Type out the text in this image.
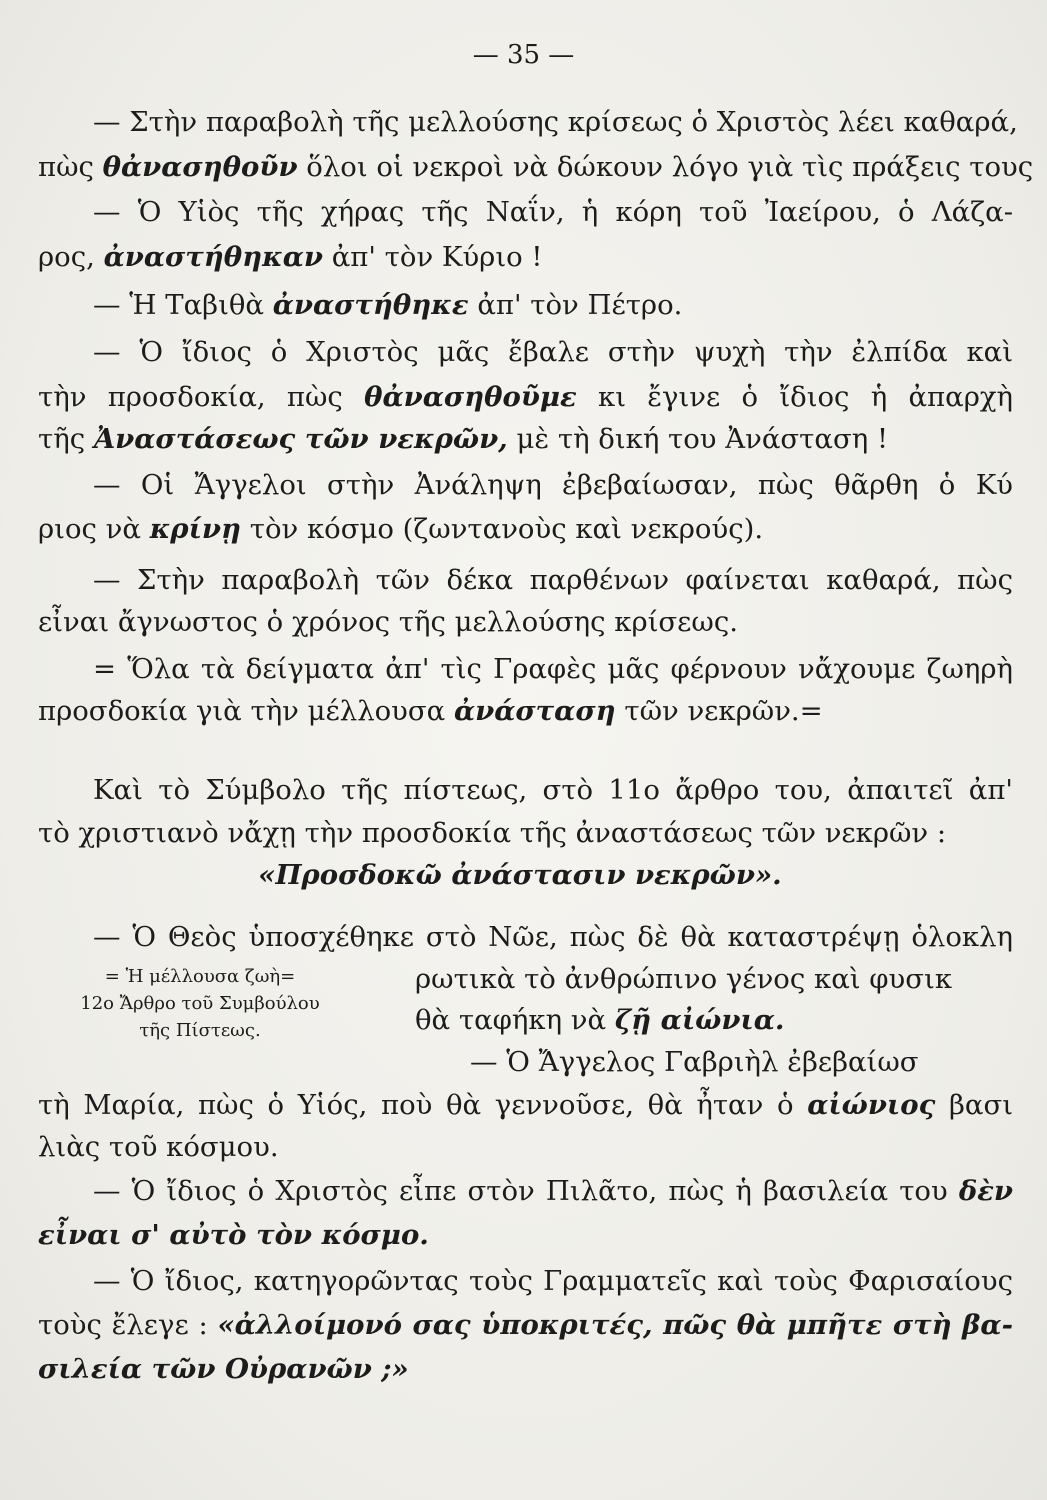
— 35 —
— Στὴν παραβολὴ τῆς μελλούσης κρίσεως ὁ Χριστὸς λέει καθαρά,
πὼς θἀνασηθοῦν ὅλοι οἱ νεκροὶ νὰ δώκουν λόγο γιὰ τὶς πράξεις τους
— Ὁ Υἱὸς τῆς χήρας τῆς Ναΐν, ἡ κόρη τοῦ Ἰαείρου, ὁ Λάζα-
ρος, ἀναστήθηκαν ἀπ' τὸν Κύριο !
— Ἡ Ταβιθὰ ἀναστήθηκε ἀπ' τὸν Πέτρο.
— Ὁ ἴδιος ὁ Χριστὸς μᾶς ἔβαλε στὴν ψυχὴ τὴν ἐλπίδα καὶ
τὴν προσδοκία, πὼς θἀνασηθοῦμε κι ἔγινε ὁ ἴδιος ἡ ἀπαρχὴ
τῆς Ἀναστάσεως τῶν νεκρῶν, μὲ τὴ δική του Ἀνάσταση !
— Οἱ Ἄγγελοι στὴν Ἀνάληψη ἐβεβαίωσαν, πὼς θᾶρθη ὁ Κύ
ριος νὰ κρίνῃ τὸν κόσμο (ζωντανοὺς καὶ νεκρούς).
— Στὴν παραβολὴ τῶν δέκα παρθένων φαίνεται καθαρά, πὼς
εἶναι ἄγνωστος ὁ χρόνος τῆς μελλούσης κρίσεως.
= Ὅλα τὰ δείγματα ἀπ' τὶς Γραφὲς μᾶς φέρνουν νἄχουμε ζωηρὴ
προσδοκία γιὰ τὴν μέλλουσα ἀνάσταση τῶν νεκρῶν.=
Καὶ τὸ Σύμβολο τῆς πίστεως, στὸ 11ο ἄρθρο του, ἀπαιτεῖ ἀπ'
τὸ χριστιανὸ νἄχῃ τὴν προσδοκία τῆς ἀναστάσεως τῶν νεκρῶν :
«Προσδοκῶ ἀνάστασιν νεκρῶν».
— Ὁ Θεὸς ὑποσχέθηκε στὸ Νῶε, πὼς δὲ θὰ καταστρέψῃ ὁλοκλη
= Ἡ μέλλουσα ζωὴ=
12ο Ἄρθρο τοῦ Συμβούλου
τῆς Πίστεως.
ρωτικὰ τὸ ἀνθρώπινο γένος καὶ φυσικ
θὰ ταφήκη νὰ ζῇ αἰώνια.
— Ὁ Ἄγγελος Γαβριὴλ ἐβεβαίωσ
τὴ Μαρία, πὼς ὁ Υἱός, ποὺ θὰ γεννοῦσε, θὰ ἦταν ὁ αἰώνιος βασι
λιὰς τοῦ κόσμου.
— Ὁ ἴδιος ὁ Χριστὸς εἶπε στὸν Πιλᾶτο, πὼς ἡ βασιλεία του δὲν
εἶναι σ' αὐτὸ τὸν κόσμο.
— Ὁ ἴδιος, κατηγορῶντας τοὺς Γραμματεῖς καὶ τοὺς Φαρισαίους
τοὺς ἔλεγε : «ἀλλοίμονό σας ὑποκριτές, πῶς θὰ μπῆτε στὴ βα-
σιλεία τῶν Οὐρανῶν ;»
